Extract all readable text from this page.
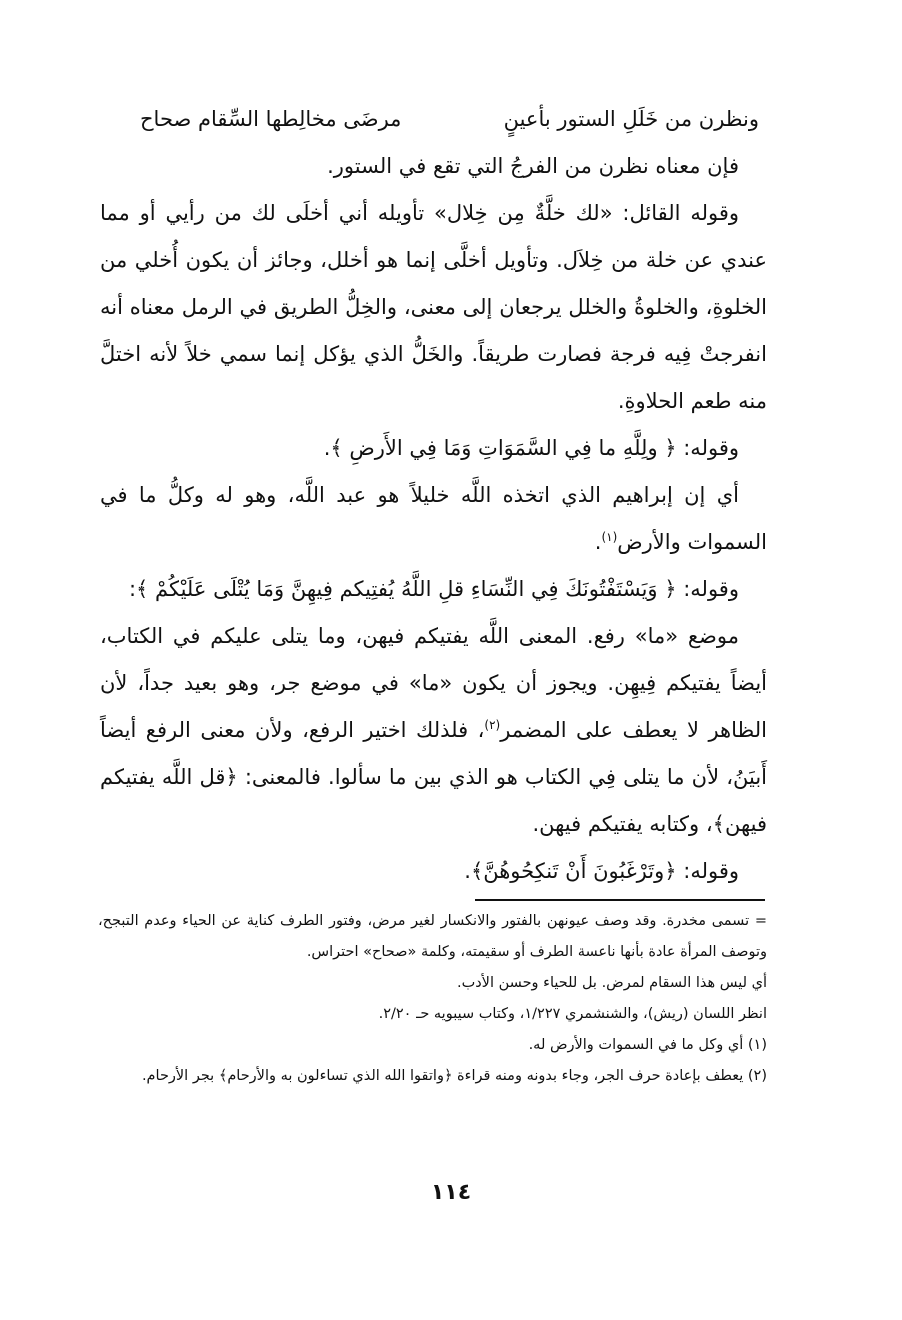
ونظرن من خَلَلِ الستور بأعينٍ
مرضَى مخالِطها السِّقام صحاح

فإن معناه نظرن من الفرجُ التي تقع في الستور.

وقوله القائل: «لك خلَّةٌ مِن خِلال» تأويله أني أخلَى لك من رأيي أو مما عندي عن خلة من خِلاَل. وتأويل أخلَّى إنما هو أخلل، وجائز أن يكون أُخلي من الخلوةِ، والخلوةُ والخلل يرجعان إلى معنى، والخِلُّ الطريق في الرمل معناه أنه انفرجتْ فِيه فرجة فصارت طريقاً. والخَلُّ الذي يؤكل إنما سمي خلاً لأنه اختلَّ منه طعم الحلاوةِ.

وقوله: ﴿ ولِلَّهِ ما فِي السَّمَوَاتِ وَمَا فِي الأَرضِ ﴾.

أي إن إبراهيم الذي اتخذه اللَّه خليلاً هو عبد اللَّه، وهو له وكلُّ ما في السموات والأرض$^{(١)}$.

وقوله: ﴿ وَيَسْتَفْتُونَكَ فِي النِّسَاءِ قلِ اللَّهُ يُفتِيكم فِيهِنَّ وَمَا يُتْلَى عَلَيْكُمْ ﴾:

موضع «ما» رفع. المعنى اللَّه يفتيكم فيهن، وما يتلى عليكم في الكتاب، أيضاً يفتيكم فِيهِن. ويجوز أن يكون «ما» في موضع جر، وهو بعيد جداً، لأن الظاهر لا يعطف على المضمر$^{(٢)}$، فلذلك اختير الرفع، ولأن معنى الرفع أيضاً أَبيَنُ، لأن ما يتلى فِي الكتاب هو الذي بين ما سألوا. فالمعنى: ﴿قل اللَّه يفتيكم فيهن﴾، وكتابه يفتيكم فيهن.

وقوله: ﴿وتَرْغَبُونَ أَنْ تَنكِحُوهُنَّ﴾.

= تسمى مخدرة. وقد وصف عيونهن بالفتور والانكسار لغير مرض، وفتور الطرف كناية عن الحياء وعدم التبجح، وتوصف المرأة عادة بأنها ناعسة الطرف أو سقيمته، وكلمة «صحاح» احتراس.

أي ليس هذا السقام لمرض. بل للحياء وحسن الأدب.

انظر اللسان (ريش)، والشنشمري ١/٢٢٧، وكتاب سيبويه حـ ٢/٢٠.

(١) أي وكل ما في السموات والأرض له.

(٢) يعطف بإعادة حرف الجر، وجاء بدونه ومنه قراءة ﴿واتقوا الله الذي تساءلون به والأرحام﴾ بجر الأرحام.

١١٤
